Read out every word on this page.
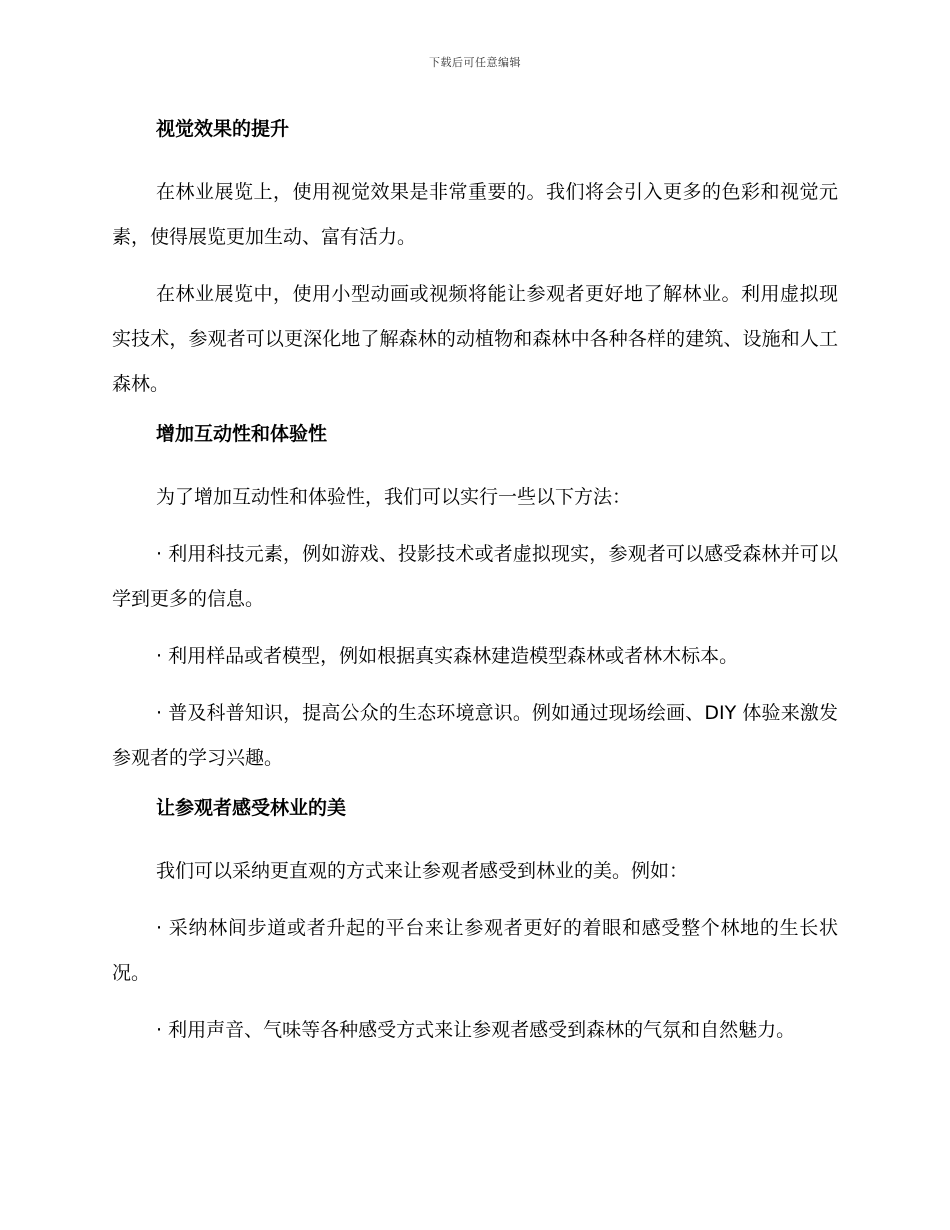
下载后可任意编辑
视觉效果的提升

在林业展览上，使用视觉效果是非常重要的。我们将会引入更多的色彩和视觉元素，使得展览更加生动、富有活力。

在林业展览中，使用小型动画或视频将能让参观者更好地了解林业。利用虚拟现实技术，参观者可以更深化地了解森林的动植物和森林中各种各样的建筑、设施和人工森林。

增加互动性和体验性

为了增加互动性和体验性，我们可以实行一些以下方法：

· 利用科技元素，例如游戏、投影技术或者虚拟现实，参观者可以感受森林并可以学到更多的信息。

· 利用样品或者模型，例如根据真实森林建造模型森林或者林木标本。

· 普及科普知识，提高公众的生态环境意识。例如通过现场绘画、DIY 体验来激发参观者的学习兴趣。

让参观者感受林业的美

我们可以采纳更直观的方式来让参观者感受到林业的美。例如：

· 采纳林间步道或者升起的平台来让参观者更好的着眼和感受整个林地的生长状况。

· 利用声音、气味等各种感受方式来让参观者感受到森林的气氛和自然魅力。
